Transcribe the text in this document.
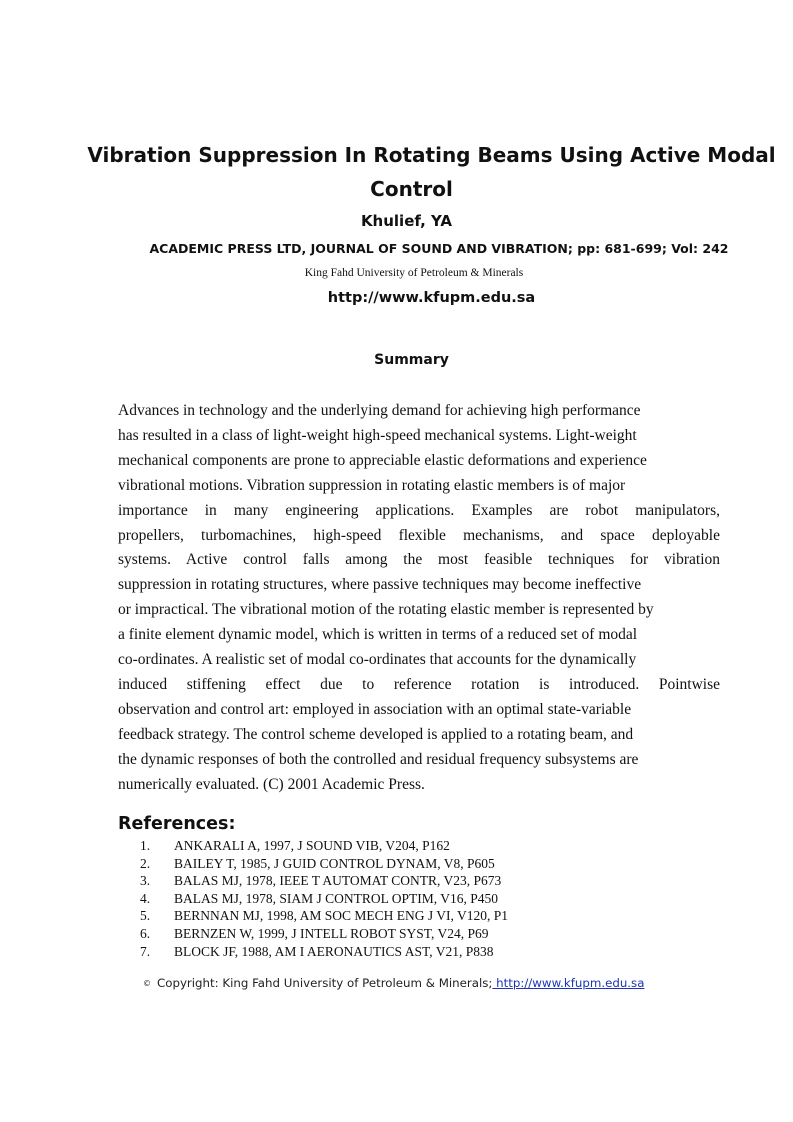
Vibration Suppression In Rotating Beams Using Active Modal
Control
Khulief, YA
ACADEMIC PRESS LTD, JOURNAL OF SOUND AND VIBRATION; pp: 681-699; Vol: 242
King Fahd University of Petroleum & Minerals
http://www.kfupm.edu.sa
Summary
Advances in technology and the underlying demand for achieving high performance
has resulted in a class of light-weight high-speed mechanical systems. Light-weight
mechanical components are prone to appreciable elastic deformations and experience
vibrational motions. Vibration suppression in rotating elastic members is of major
importance in many engineering applications. Examples are robot manipulators,
propellers, turbomachines, high-speed flexible mechanisms, and space deployable
systems. Active control falls among the most feasible techniques for vibration
suppression in rotating structures, where passive techniques may become ineffective
or impractical. The vibrational motion of the rotating elastic member is represented by
a finite element dynamic model, which is written in terms of a reduced set of modal
co-ordinates. A realistic set of modal co-ordinates that accounts for the dynamically
induced stiffening effect due to reference rotation is introduced. Pointwise
observation and control art: employed in association with an optimal state-variable
feedback strategy. The control scheme developed is applied to a rotating beam, and
the dynamic responses of both the controlled and residual frequency subsystems are
numerically evaluated. (C) 2001 Academic Press.
References:
1.	ANKARALI A, 1997, J SOUND VIB, V204, P162
2.	BAILEY T, 1985, J GUID CONTROL DYNAM, V8, P605
3.	BALAS MJ, 1978, IEEE T AUTOMAT CONTR, V23, P673
4.	BALAS MJ, 1978, SIAM J CONTROL OPTIM, V16, P450
5.	BERNNAN MJ, 1998, AM SOC MECH ENG J VI, V120, P1
6.	BERNZEN W, 1999, J INTELL ROBOT SYST, V24, P69
7.	BLOCK JF, 1988, AM I AERONAUTICS AST, V21, P838
© Copyright: King Fahd University of Petroleum & Minerals; http://www.kfupm.edu.sa
